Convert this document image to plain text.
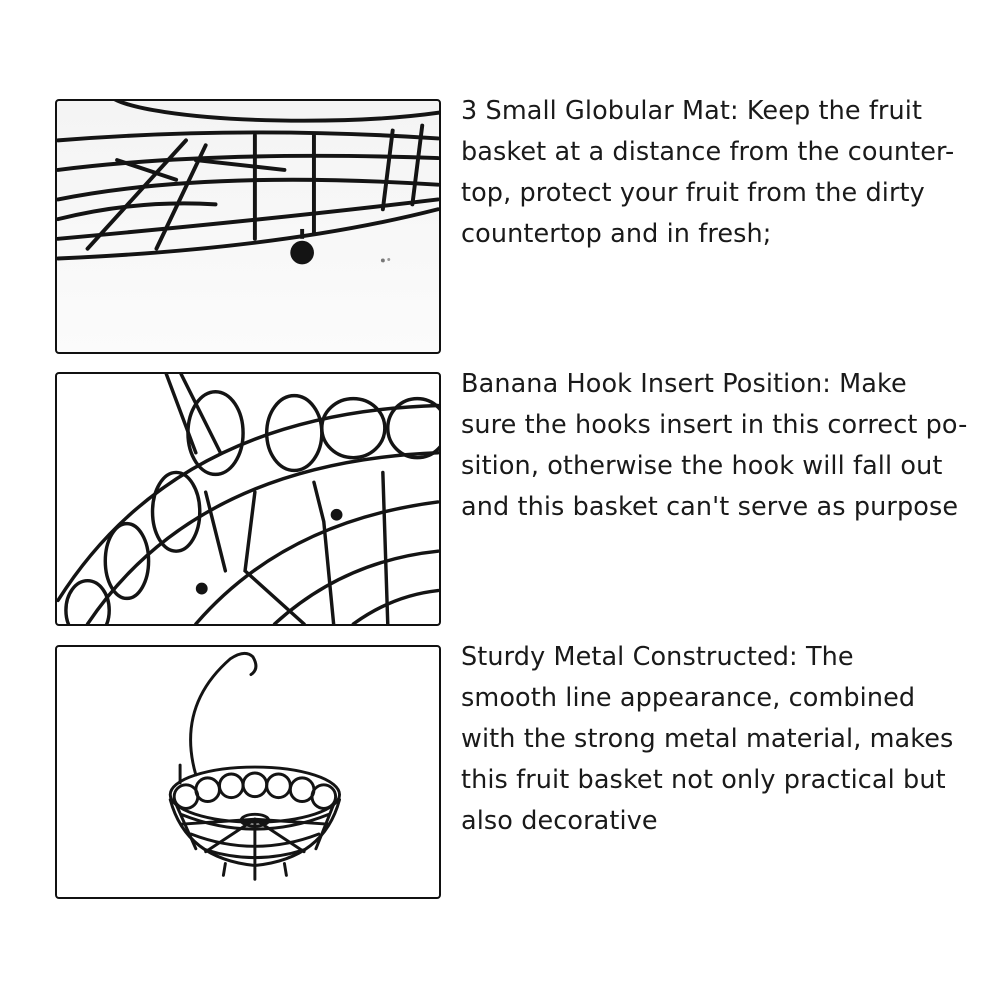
3 Small Globular Mat: Keep the fruit

basket at a distance from the counter-

top, protect your fruit from the dirty

countertop and in fresh;

Banana Hook Insert Position: Make

sure the hooks insert in this correct po-

sition, otherwise the hook will fall out

and this basket can't serve as purpose

Sturdy Metal Constructed: The

smooth line appearance, combined

with the strong metal material, makes

this fruit basket not only practical but

also decorative
